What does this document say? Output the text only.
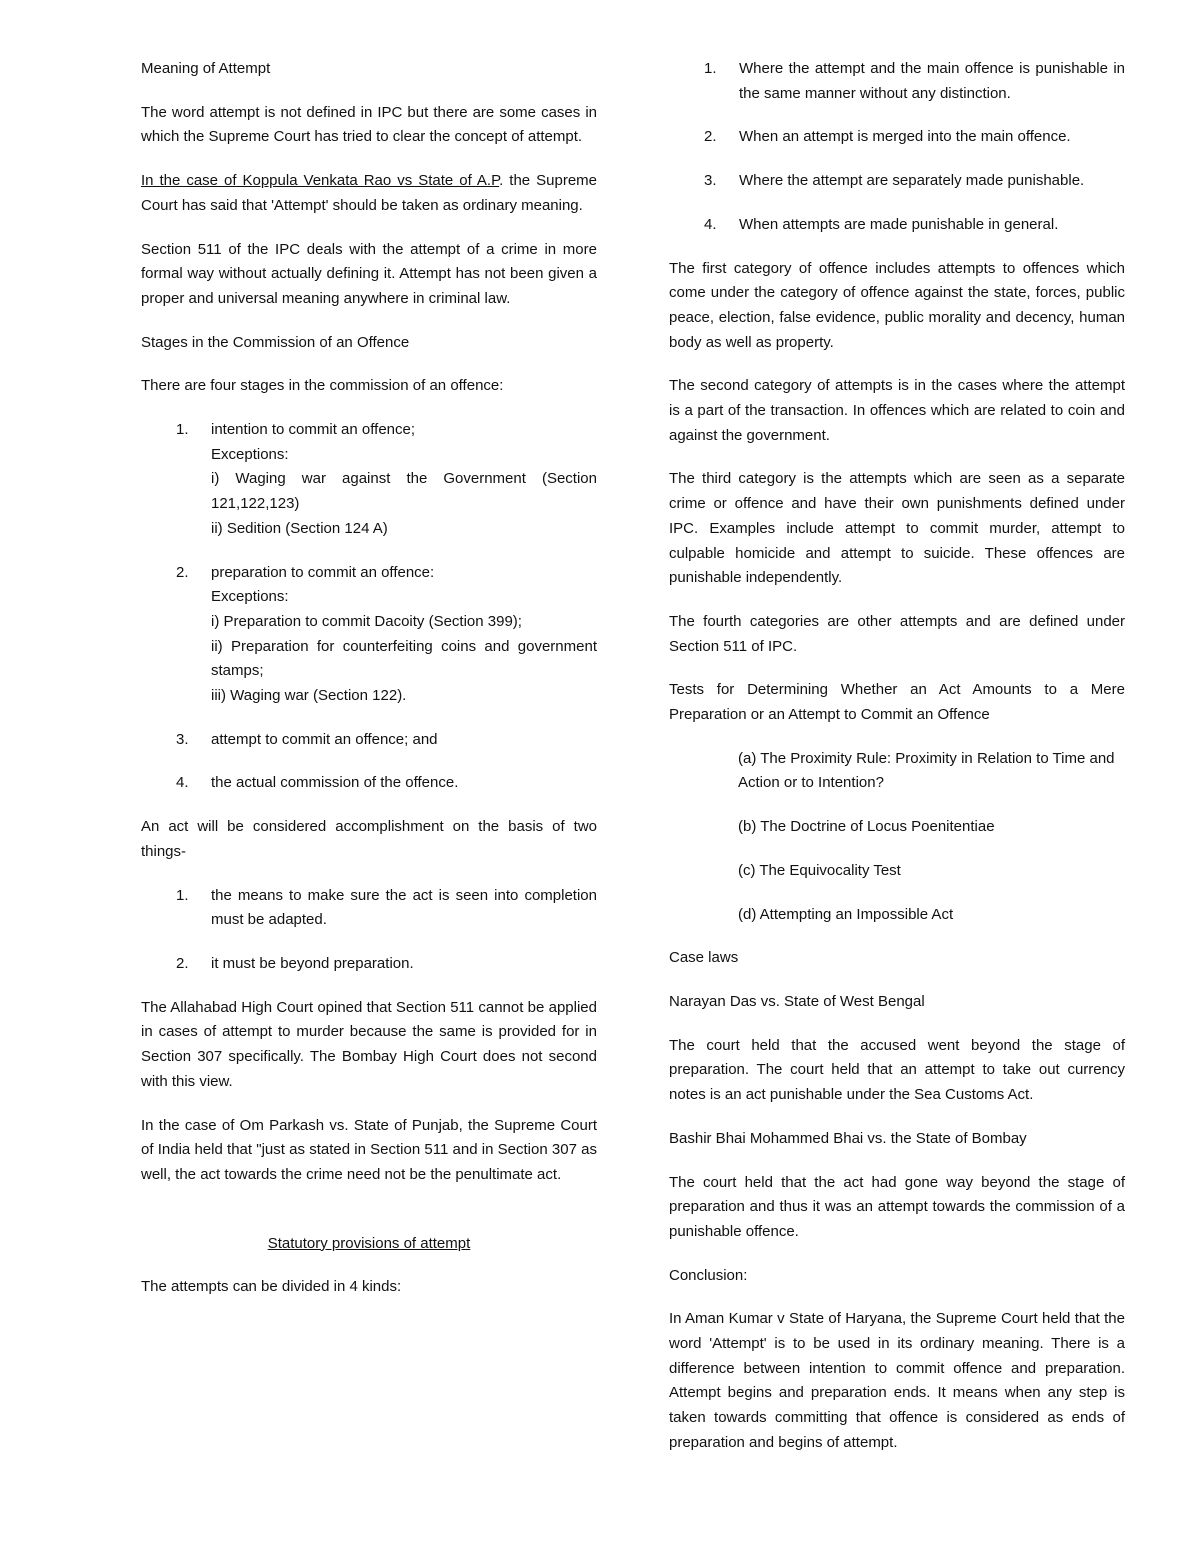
Meaning of Attempt

The word attempt is not defined in IPC but there are some cases in which the Supreme Court has tried to clear the concept of attempt.

In the case of Koppula Venkata Rao vs State of A.P. the Supreme Court has said that 'Attempt' should be taken as ordinary meaning.

Section 511 of the IPC deals with the attempt of a crime in more formal way without actually defining it. Attempt has not been given a proper and universal meaning anywhere in criminal law.

Stages in the Commission of an Offence

There are four stages in the commission of an offence:

1. intention to commit an offence;
Exceptions:
i) Waging war against the Government (Section 121,122,123)
ii) Sedition (Section 124 A)
2. preparation to commit an offence:
Exceptions:
i) Preparation to commit Dacoity (Section 399);
ii) Preparation for counterfeiting coins and government stamps;
iii) Waging war (Section 122).
3. attempt to commit an offence; and
4. the actual commission of the offence.

An act will be considered accomplishment on the basis of two things-

1. the means to make sure the act is seen into completion must be adapted.
2. it must be beyond preparation.

The Allahabad High Court opined that Section 511 cannot be applied in cases of attempt to murder because the same is provided for in Section 307 specifically. The Bombay High Court does not second with this view.

In the case of Om Parkash vs. State of Punjab, the Supreme Court of India held that "just as stated in Section 511 and in Section 307 as well, the act towards the crime need not be the penultimate act.

Statutory provisions of attempt

The attempts can be divided in 4 kinds:

1. Where the attempt and the main offence is punishable in the same manner without any distinction.
2. When an attempt is merged into the main offence.
3. Where the attempt are separately made punishable.
4. When attempts are made punishable in general.

The first category of offence includes attempts to offences which come under the category of offence against the state, forces, public peace, election, false evidence, public morality and decency, human body as well as property.

The second category of attempts is in the cases where the attempt is a part of the transaction. In offences which are related to coin and against the government.

The third category is the attempts which are seen as a separate crime or offence and have their own punishments defined under IPC. Examples include attempt to commit murder, attempt to culpable homicide and attempt to suicide. These offences are punishable independently.

The fourth categories are other attempts and are defined under Section 511 of IPC.

Tests for Determining Whether an Act Amounts to a Mere Preparation or an Attempt to Commit an Offence

(a) The Proximity Rule: Proximity in Relation to Time and Action or to Intention?

(b) The Doctrine of Locus Poenitentiae

(c) The Equivocality Test

(d) Attempting an Impossible Act

Case laws

Narayan Das vs. State of West Bengal

The court held that the accused went beyond the stage of preparation. The court held that an attempt to take out currency notes is an act punishable under the Sea Customs Act.

Bashir Bhai Mohammed Bhai vs. the State of Bombay

The court held that the act had gone way beyond the stage of preparation and thus it was an attempt towards the commission of a punishable offence.

Conclusion:

In Aman Kumar v State of Haryana, the Supreme Court held that the word 'Attempt' is to be used in its ordinary meaning. There is a difference between intention to commit offence and preparation. Attempt begins and preparation ends. It means when any step is taken towards committing that offence is considered as ends of preparation and begins of attempt.
